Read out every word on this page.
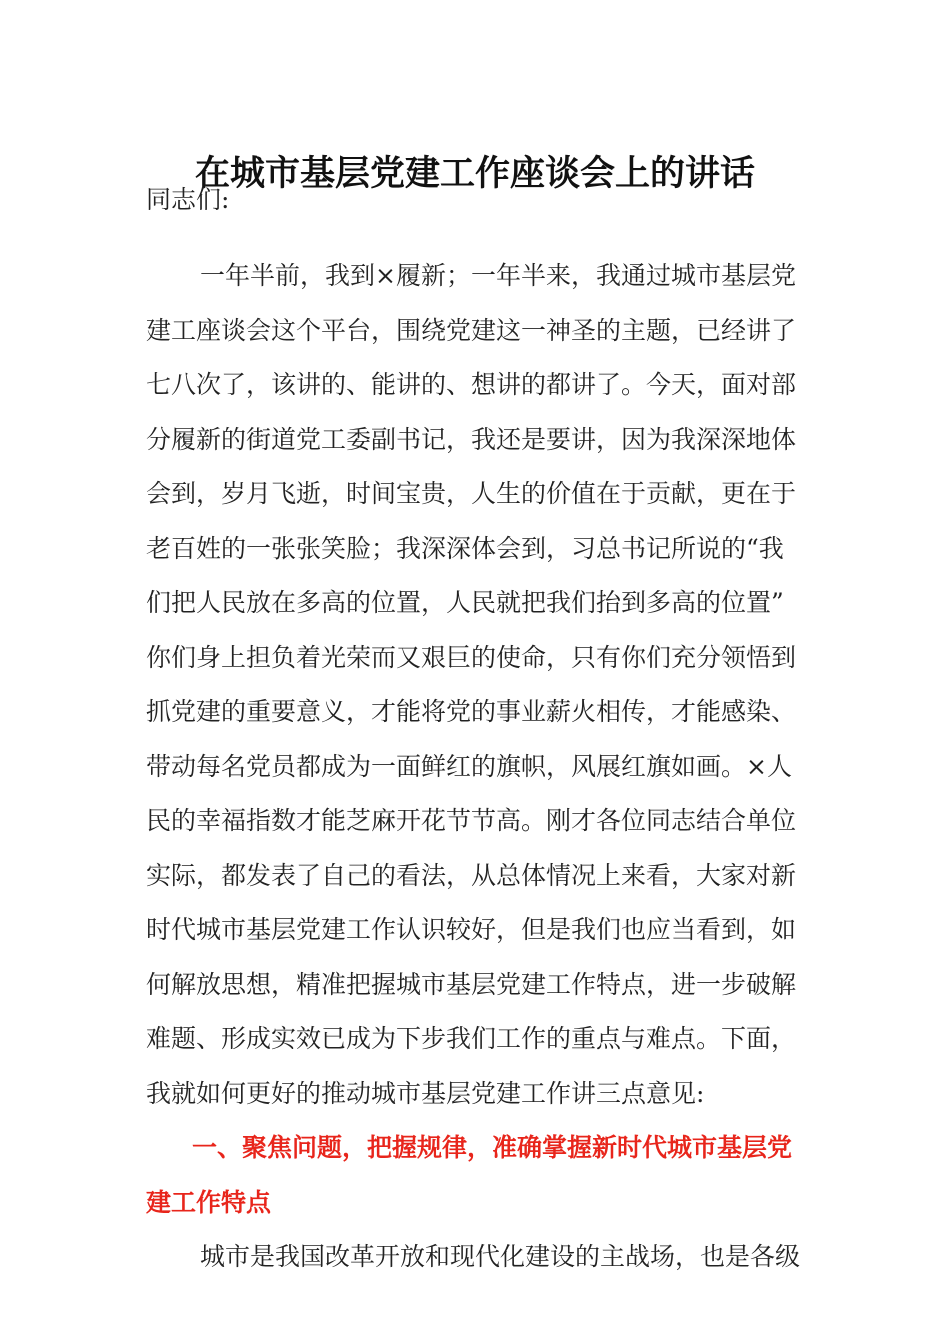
在城市基层党建工作座谈会上的讲话
同志们:
一年半前，我到×履新；一年半来，我通过城市基层党
建工座谈会这个平台，围绕党建这一神圣的主题，已经讲了
七八次了，该讲的、能讲的、想讲的都讲了。今天，面对部
分履新的街道党工委副书记，我还是要讲，因为我深深地体
会到，岁月飞逝，时间宝贵，人生的价值在于贡献，更在于
老百姓的一张张笑脸；我深深体会到，习总书记所说的“我
们把人民放在多高的位置，人民就把我们抬到多高的位置”
你们身上担负着光荣而又艰巨的使命，只有你们充分领悟到
抓党建的重要意义，才能将党的事业薪火相传，才能感染、
带动每名党员都成为一面鲜红的旗帜，风展红旗如画。×人
民的幸福指数才能芝麻开花节节高。刚才各位同志结合单位
实际，都发表了自己的看法，从总体情况上来看，大家对新
时代城市基层党建工作认识较好，但是我们也应当看到，如
何解放思想，精准把握城市基层党建工作特点，进一步破解
难题、形成实效已成为下步我们工作的重点与难点。下面，
我就如何更好的推动城市基层党建工作讲三点意见:
一、聚焦问题，把握规律，准确掌握新时代城市基层党
建工作特点
城市是我国改革开放和现代化建设的主战场，也是各级
